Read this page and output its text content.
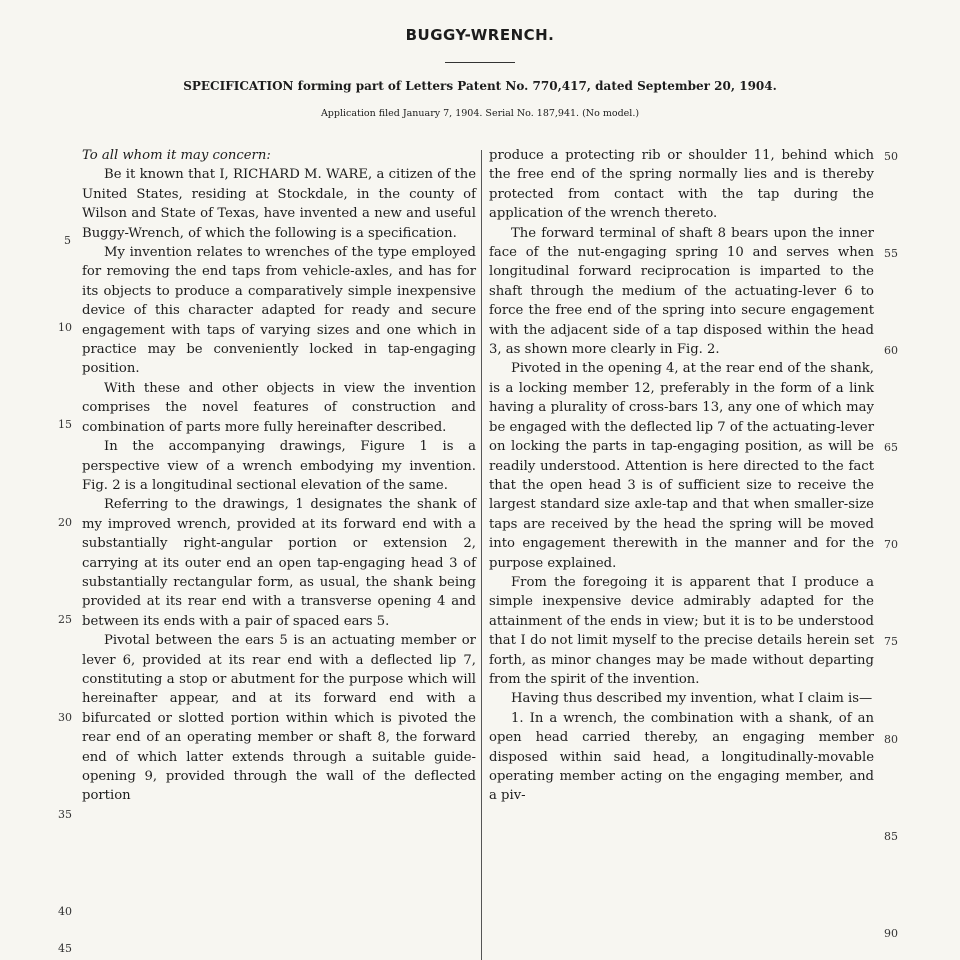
BUGGY-WRENCH.
SPECIFICATION forming part of Letters Patent No. 770,417, dated September 20, 1904.
Application filed January 7, 1904. Serial No. 187,941. (No model.)

To all whom it may concern:

Be it known that I, RICHARD M. WARE, a citizen of the United States, residing at Stockdale, in the county of Wilson and State of Texas, have invented a new and useful Buggy-Wrench, of which the following is a specification.

My invention relates to wrenches of the type employed for removing the end taps from vehicle-axles, and has for its objects to produce a comparatively simple inexpensive device of this character adapted for ready and secure engagement with taps of varying sizes and one which in practice may be conveniently locked in tap-engaging position.

With these and other objects in view the invention comprises the novel features of construction and combination of parts more fully hereinafter described.

In the accompanying drawings, Figure 1 is a perspective view of a wrench embodying my invention. Fig. 2 is a longitudinal sectional elevation of the same.

Referring to the drawings, 1 designates the shank of my improved wrench, provided at its forward end with a substantially right-angular portion or extension 2, carrying at its outer end an open tap-engaging head 3 of substantially rectangular form, as usual, the shank being provided at its rear end with a transverse opening 4 and between its ends with a pair of spaced ears 5.

Pivotal between the ears 5 is an actuating member or lever 6, provided at its rear end with a deflected lip 7, constituting a stop or abutment for the purpose which will hereinafter appear, and at its forward end with a bifurcated or slotted portion within which is pivoted the rear end of an operating member or shaft 8, the forward end of which latter extends through a suitable guide-opening 9, provided through the wall of the deflected portion

produce a protecting rib or shoulder 11, behind which the free end of the spring normally lies and is thereby protected from contact with the tap during the application of the wrench thereto.

The forward terminal of shaft 8 bears upon the inner face of the nut-engaging spring 10 and serves when longitudinal forward reciprocation is imparted to the shaft through the medium of the actuating-lever 6 to force the free end of the spring into secure engagement with the adjacent side of a tap disposed within the head 3, as shown more clearly in Fig. 2.

Pivoted in the opening 4, at the rear end of the shank, is a locking member 12, preferably in the form of a link having a plurality of cross-bars 13, any one of which may be engaged with the deflected lip 7 of the actuating-lever on locking the parts in tap-engaging position, as will be readily understood. Attention is here directed to the fact that the open head 3 is of sufficient size to receive the largest standard size axle-tap and that when smaller-size taps are received by the head the spring will be moved into engagement therewith in the manner and for the purpose explained.

From the foregoing it is apparent that I produce a simple inexpensive device admirably adapted for the attainment of the ends in view; but it is to be understood that I do not limit myself to the precise details herein set forth, as minor changes may be made without departing from the spirit of the invention.

Having thus described my invention, what I claim is—

1. In a wrench, the combination with a shank, of an open head carried thereby, an engaging member disposed within said head, a longitudinally-movable operating member acting on the engaging member, and a piv-

5
10
15
20
25
30
35
40
45
50
55
60
65
70
75
80
85
90
